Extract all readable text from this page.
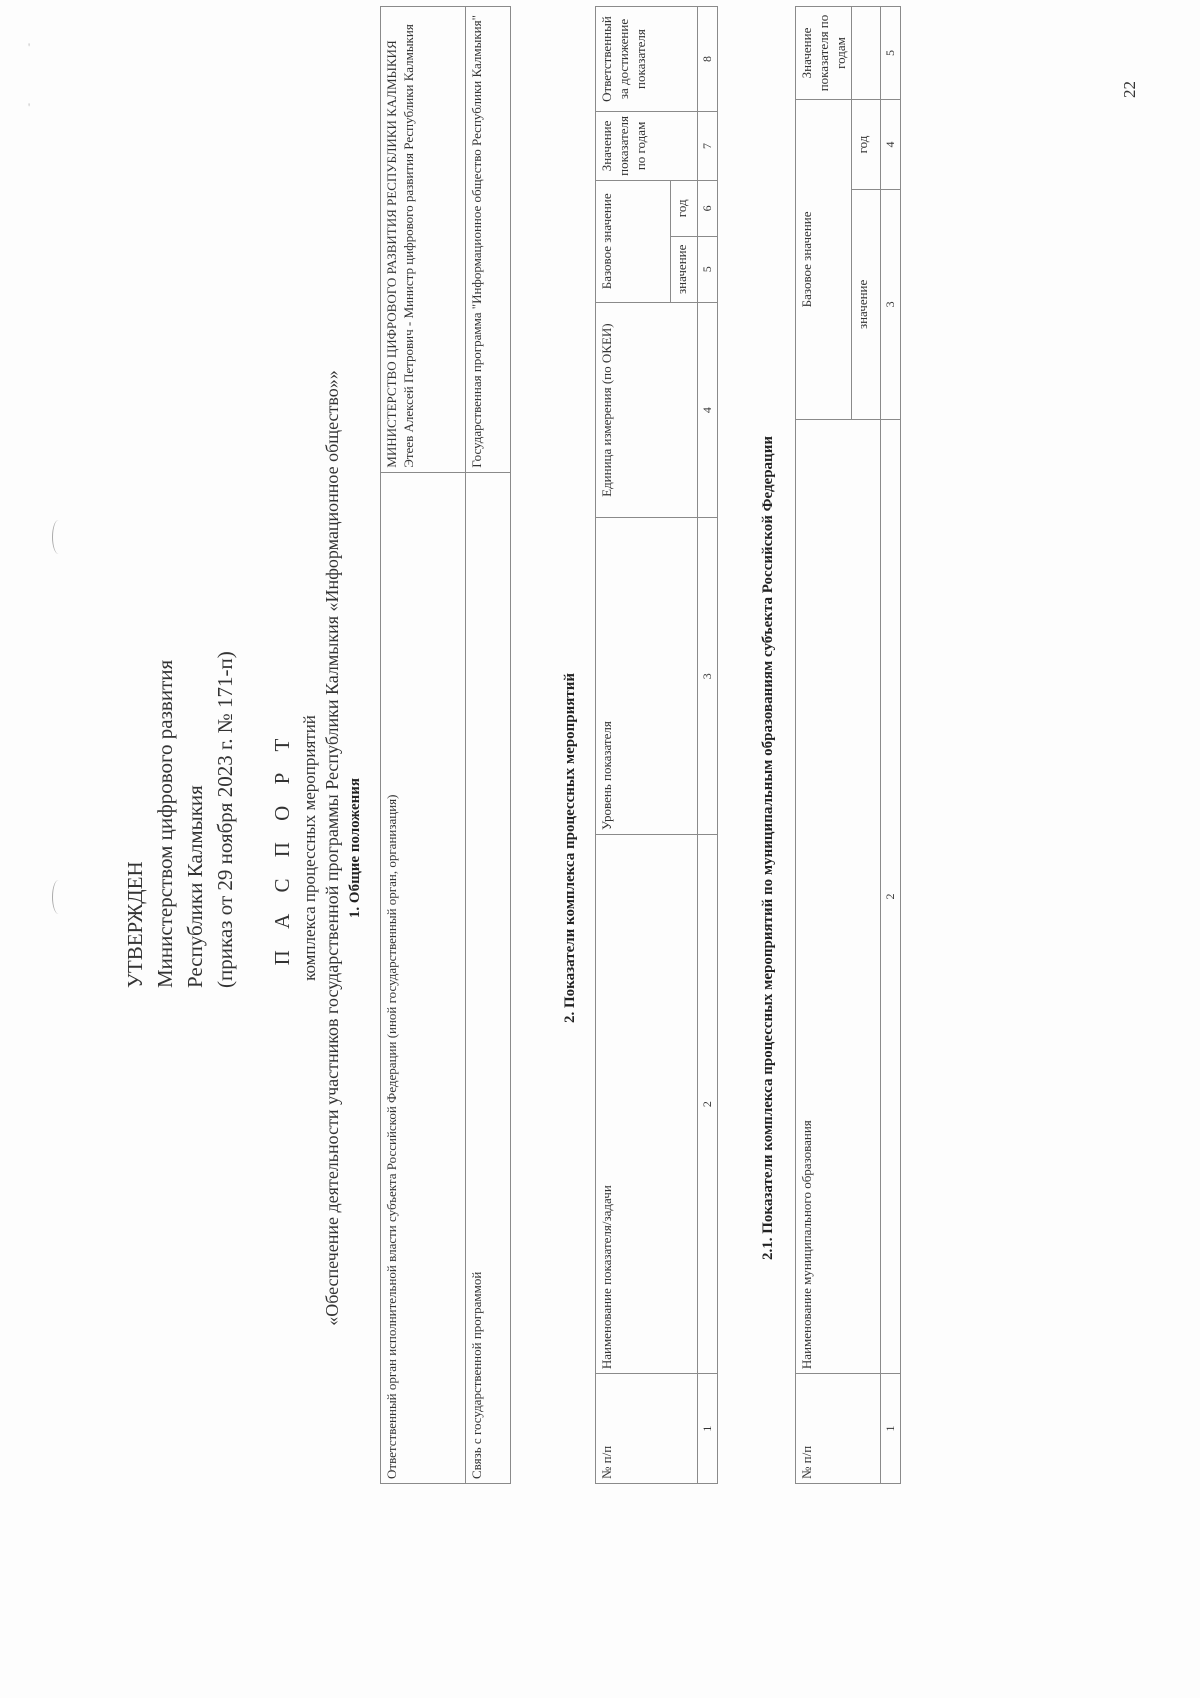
'
'
УТВЕРЖДЕН Министерством цифрового развития Республики Калмыкия (приказ от 29 ноября 2023 г. № 171-п) П А С П О Р Т комплекса процессных мероприятий «Обеспечение деятельности участников государственной программы Республики Калмыкия «Информационное общество»» 1. Общие положения Ответственный орган исполнительной власти субъекта Российской Федерации (иной государственный орган, организация)	МИНИСТЕРСТВО ЦИФРОВОГО РАЗВИТИЯ РЕСПУБЛИКИ КАЛМЫКИЯ Этеев Алексей Петрович - Министр цифрового развития Республики Калмыкия

Связь с государственной программой	Государственная программа "Информационное общество Республики Калмыкия"
2. Показатели комплекса процессных мероприятий
№ п/п	Наименование показателя/задачи	Уровень показателя	Единица измерения (по ОКЕИ)	Базовое значение		Значение показателя по годам	Ответственный за достижение показателя
				значение	год		
1	2	3	4	5	6	7	8
2.1. Показатели комплекса процессных мероприятий по муниципальным образованиям субъекта Российской Федерации
№ п/п	Наименование муниципального образования	Базовое значение		Значение показателя по годам
		значение	год	
1	2	3	4	5
22
